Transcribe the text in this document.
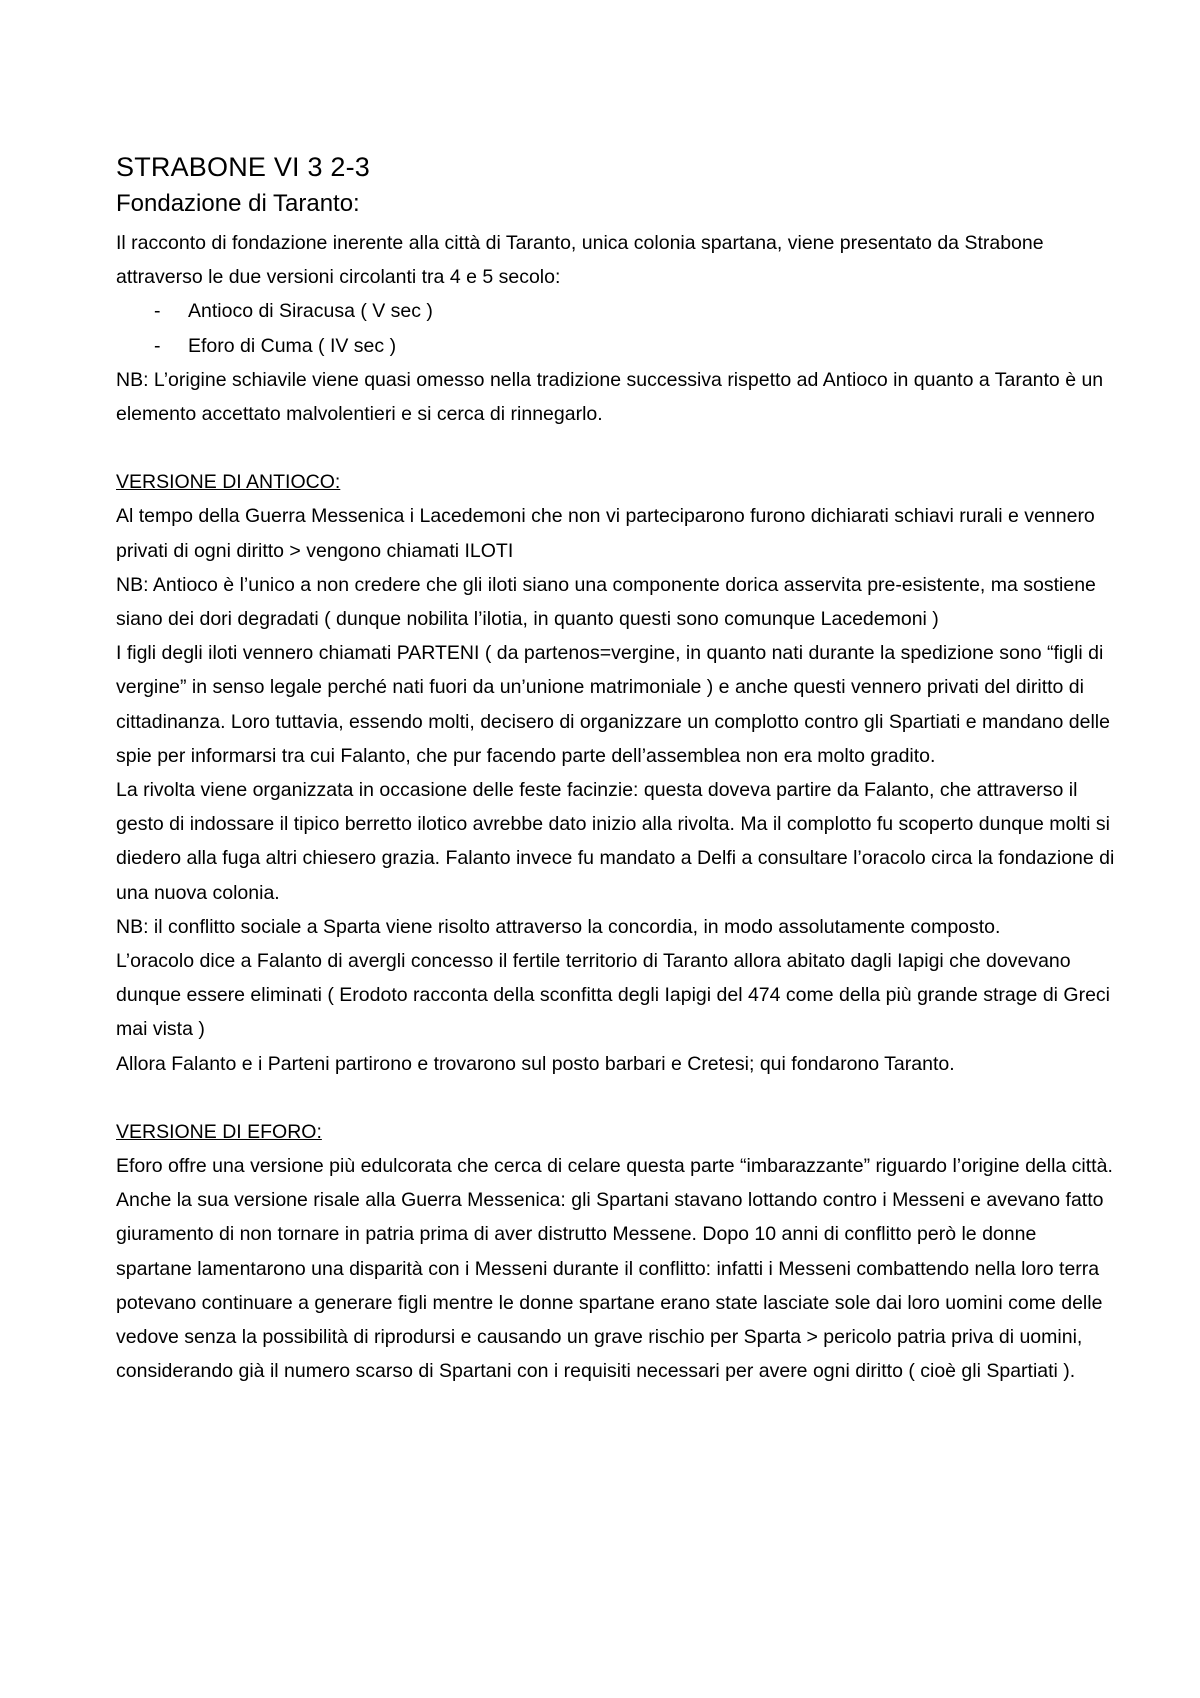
STRABONE VI 3 2-3
Fondazione di Taranto:

Il racconto di fondazione inerente alla città di Taranto, unica colonia spartana, viene presentato da Strabone attraverso le due versioni circolanti tra 4 e 5 secolo:

- Antioco di Siracusa ( V sec )
- Eforo di Cuma ( IV sec )

NB: L’origine schiavile viene quasi omesso nella tradizione successiva rispetto ad Antioco in quanto a Taranto è un elemento accettato malvolentieri e si cerca di rinnegarlo.

VERSIONE DI ANTIOCO:

Al tempo della Guerra Messenica i Lacedemoni che non vi parteciparono furono dichiarati schiavi rurali e vennero privati di ogni diritto > vengono chiamati ILOTI

NB: Antioco è l’unico a non credere che gli iloti siano una componente dorica asservita pre-esistente, ma sostiene siano dei dori degradati ( dunque nobilita l’ilotia, in quanto questi sono comunque Lacedemoni )

I figli degli iloti vennero chiamati PARTENI ( da partenos=vergine, in quanto nati durante la spedizione sono “figli di vergine” in senso legale perché nati fuori da un’unione matrimoniale ) e anche questi vennero privati del diritto di cittadinanza. Loro tuttavia, essendo molti, decisero di organizzare un complotto contro gli Spartiati e mandano delle spie per informarsi tra cui Falanto, che pur facendo parte dell’assemblea non era molto gradito.

La rivolta viene organizzata in occasione delle feste facinzie: questa doveva partire da Falanto, che attraverso il gesto di indossare il tipico berretto ilotico avrebbe dato inizio alla rivolta. Ma il complotto fu scoperto dunque molti si diedero alla fuga altri chiesero grazia. Falanto invece fu mandato a Delfi a consultare l’oracolo circa la fondazione di una nuova colonia.

NB: il conflitto sociale a Sparta viene risolto attraverso la concordia, in modo assolutamente composto.

L’oracolo dice a Falanto di avergli concesso il fertile territorio di Taranto allora abitato dagli Iapigi che dovevano dunque essere eliminati ( Erodoto racconta della sconfitta degli Iapigi del 474 come della più grande strage di Greci mai vista )

Allora Falanto e i Parteni partirono e trovarono sul posto barbari e Cretesi; qui fondarono Taranto.

VERSIONE DI EFORO:

Eforo offre una versione più edulcorata che cerca di celare questa parte “imbarazzante” riguardo l’origine della città.

Anche la sua versione risale alla Guerra Messenica: gli Spartani stavano lottando contro i Messeni e avevano fatto giuramento di non tornare in patria prima di aver distrutto Messene. Dopo 10 anni di conflitto però le donne spartane lamentarono una disparità con i Messeni durante il conflitto: infatti i Messeni combattendo nella loro terra potevano continuare a generare figli mentre le donne spartane erano state lasciate sole dai loro uomini come delle vedove senza la possibilità di riprodursi e causando un grave rischio per Sparta > pericolo patria priva di uomini, considerando già il numero scarso di Spartani con i requisiti necessari per avere ogni diritto ( cioè gli Spartiati ).
